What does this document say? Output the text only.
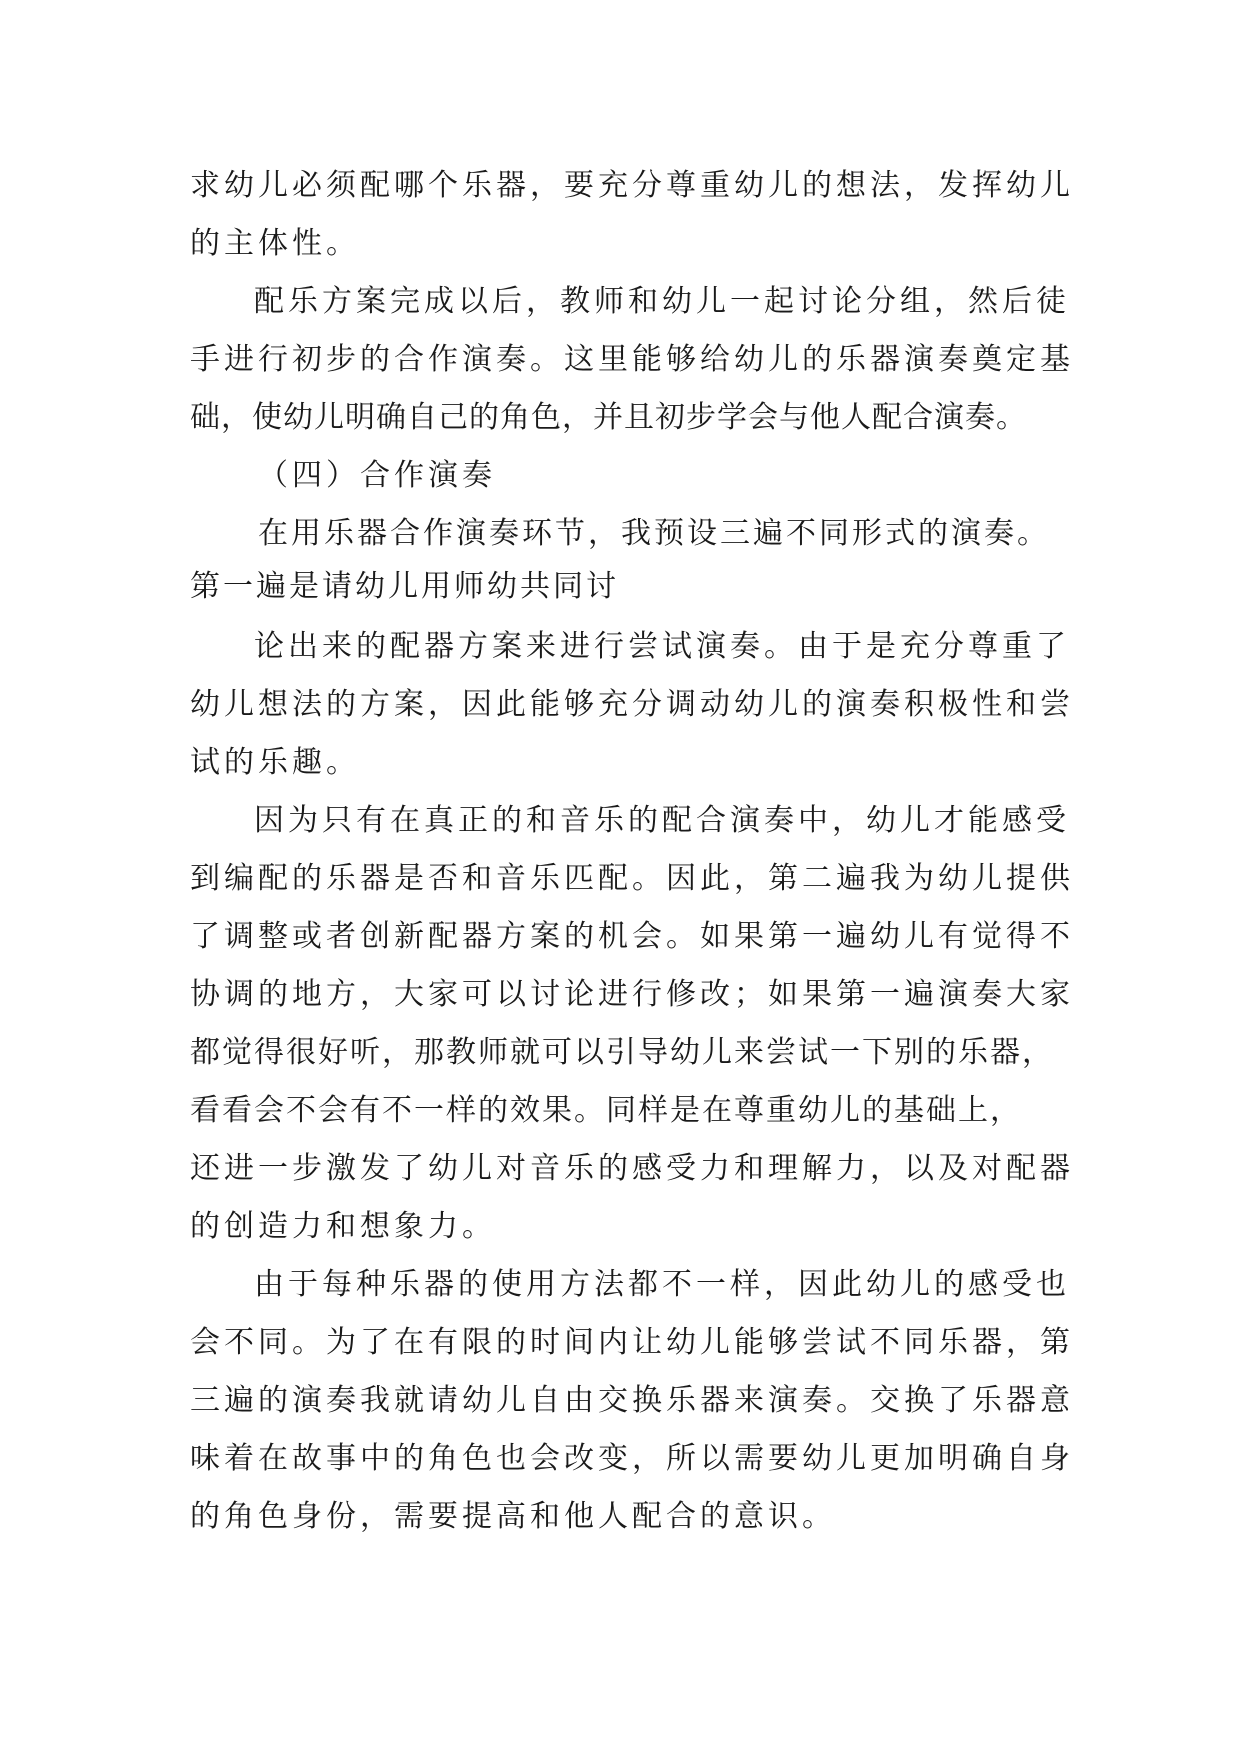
求幼儿必须配哪个乐器，要充分尊重幼儿的想法，发挥幼儿
的主体性。
配乐方案完成以后，教师和幼儿一起讨论分组，然后徒
手进行初步的合作演奏。这里能够给幼儿的乐器演奏奠定基
础，使幼儿明确自己的角色，并且初步学会与他人配合演奏。
（四）合作演奏
在用乐器合作演奏环节，我预设三遍不同形式的演奏。
第一遍是请幼儿用师幼共同讨
论出来的配器方案来进行尝试演奏。由于是充分尊重了
幼儿想法的方案，因此能够充分调动幼儿的演奏积极性和尝
试的乐趣。
因为只有在真正的和音乐的配合演奏中，幼儿才能感受
到编配的乐器是否和音乐匹配。因此，第二遍我为幼儿提供
了调整或者创新配器方案的机会。如果第一遍幼儿有觉得不
协调的地方，大家可以讨论进行修改；如果第一遍演奏大家
都觉得很好听，那教师就可以引导幼儿来尝试一下别的乐器，
看看会不会有不一样的效果。同样是在尊重幼儿的基础上，
还进一步激发了幼儿对音乐的感受力和理解力，以及对配器
的创造力和想象力。
由于每种乐器的使用方法都不一样，因此幼儿的感受也
会不同。为了在有限的时间内让幼儿能够尝试不同乐器，第
三遍的演奏我就请幼儿自由交换乐器来演奏。交换了乐器意
味着在故事中的角色也会改变，所以需要幼儿更加明确自身
的角色身份，需要提高和他人配合的意识。
